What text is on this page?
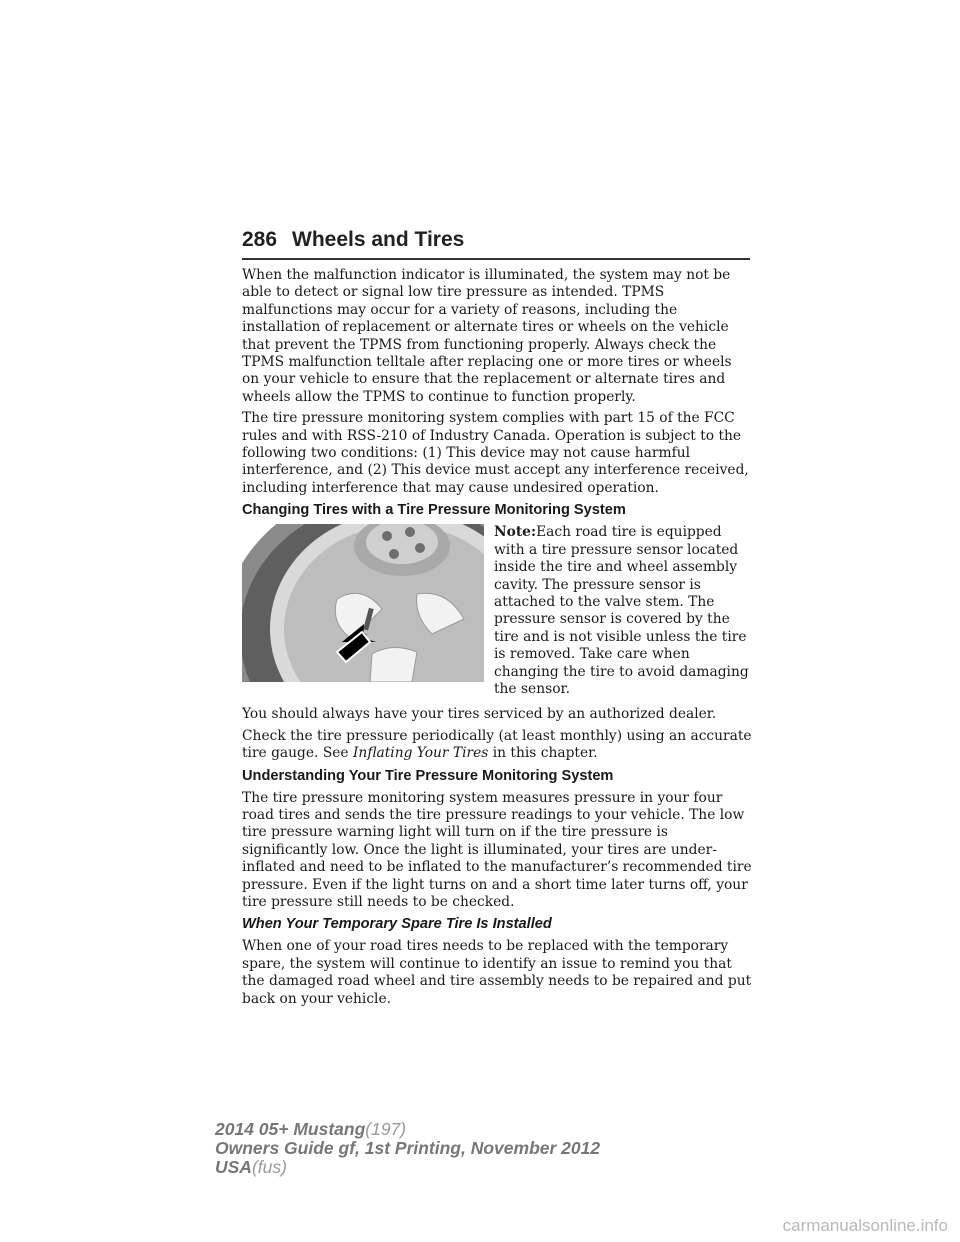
286 Wheels and Tires

When the malfunction indicator is illuminated, the system may not be able to detect or signal low tire pressure as intended. TPMS malfunctions may occur for a variety of reasons, including the installation of replacement or alternate tires or wheels on the vehicle that prevent the TPMS from functioning properly. Always check the TPMS malfunction telltale after replacing one or more tires or wheels on your vehicle to ensure that the replacement or alternate tires and wheels allow the TPMS to continue to function properly.

The tire pressure monitoring system complies with part 15 of the FCC rules and with RSS-210 of Industry Canada. Operation is subject to the following two conditions: (1) This device may not cause harmful interference, and (2) This device must accept any interference received, including interference that may cause undesired operation.

Changing Tires with a Tire Pressure Monitoring System

Note:Each road tire is equipped with a tire pressure sensor located inside the tire and wheel assembly cavity. The pressure sensor is attached to the valve stem. The pressure sensor is covered by the tire and is not visible unless the tire is removed. Take care when changing the tire to avoid damaging the sensor.

You should always have your tires serviced by an authorized dealer.

Check the tire pressure periodically (at least monthly) using an accurate tire gauge. See Inflating Your Tires in this chapter.

Understanding Your Tire Pressure Monitoring System

The tire pressure monitoring system measures pressure in your four road tires and sends the tire pressure readings to your vehicle. The low tire pressure warning light will turn on if the tire pressure is significantly low. Once the light is illuminated, your tires are under-inflated and need to be inflated to the manufacturer’s recommended tire pressure. Even if the light turns on and a short time later turns off, your tire pressure still needs to be checked.

When Your Temporary Spare Tire Is Installed

When one of your road tires needs to be replaced with the temporary spare, the system will continue to identify an issue to remind you that the damaged road wheel and tire assembly needs to be repaired and put back on your vehicle.

2014 05+ Mustang(197)
Owners Guide gf, 1st Printing, November 2012
USA(fus)
carmanualsonline.info
